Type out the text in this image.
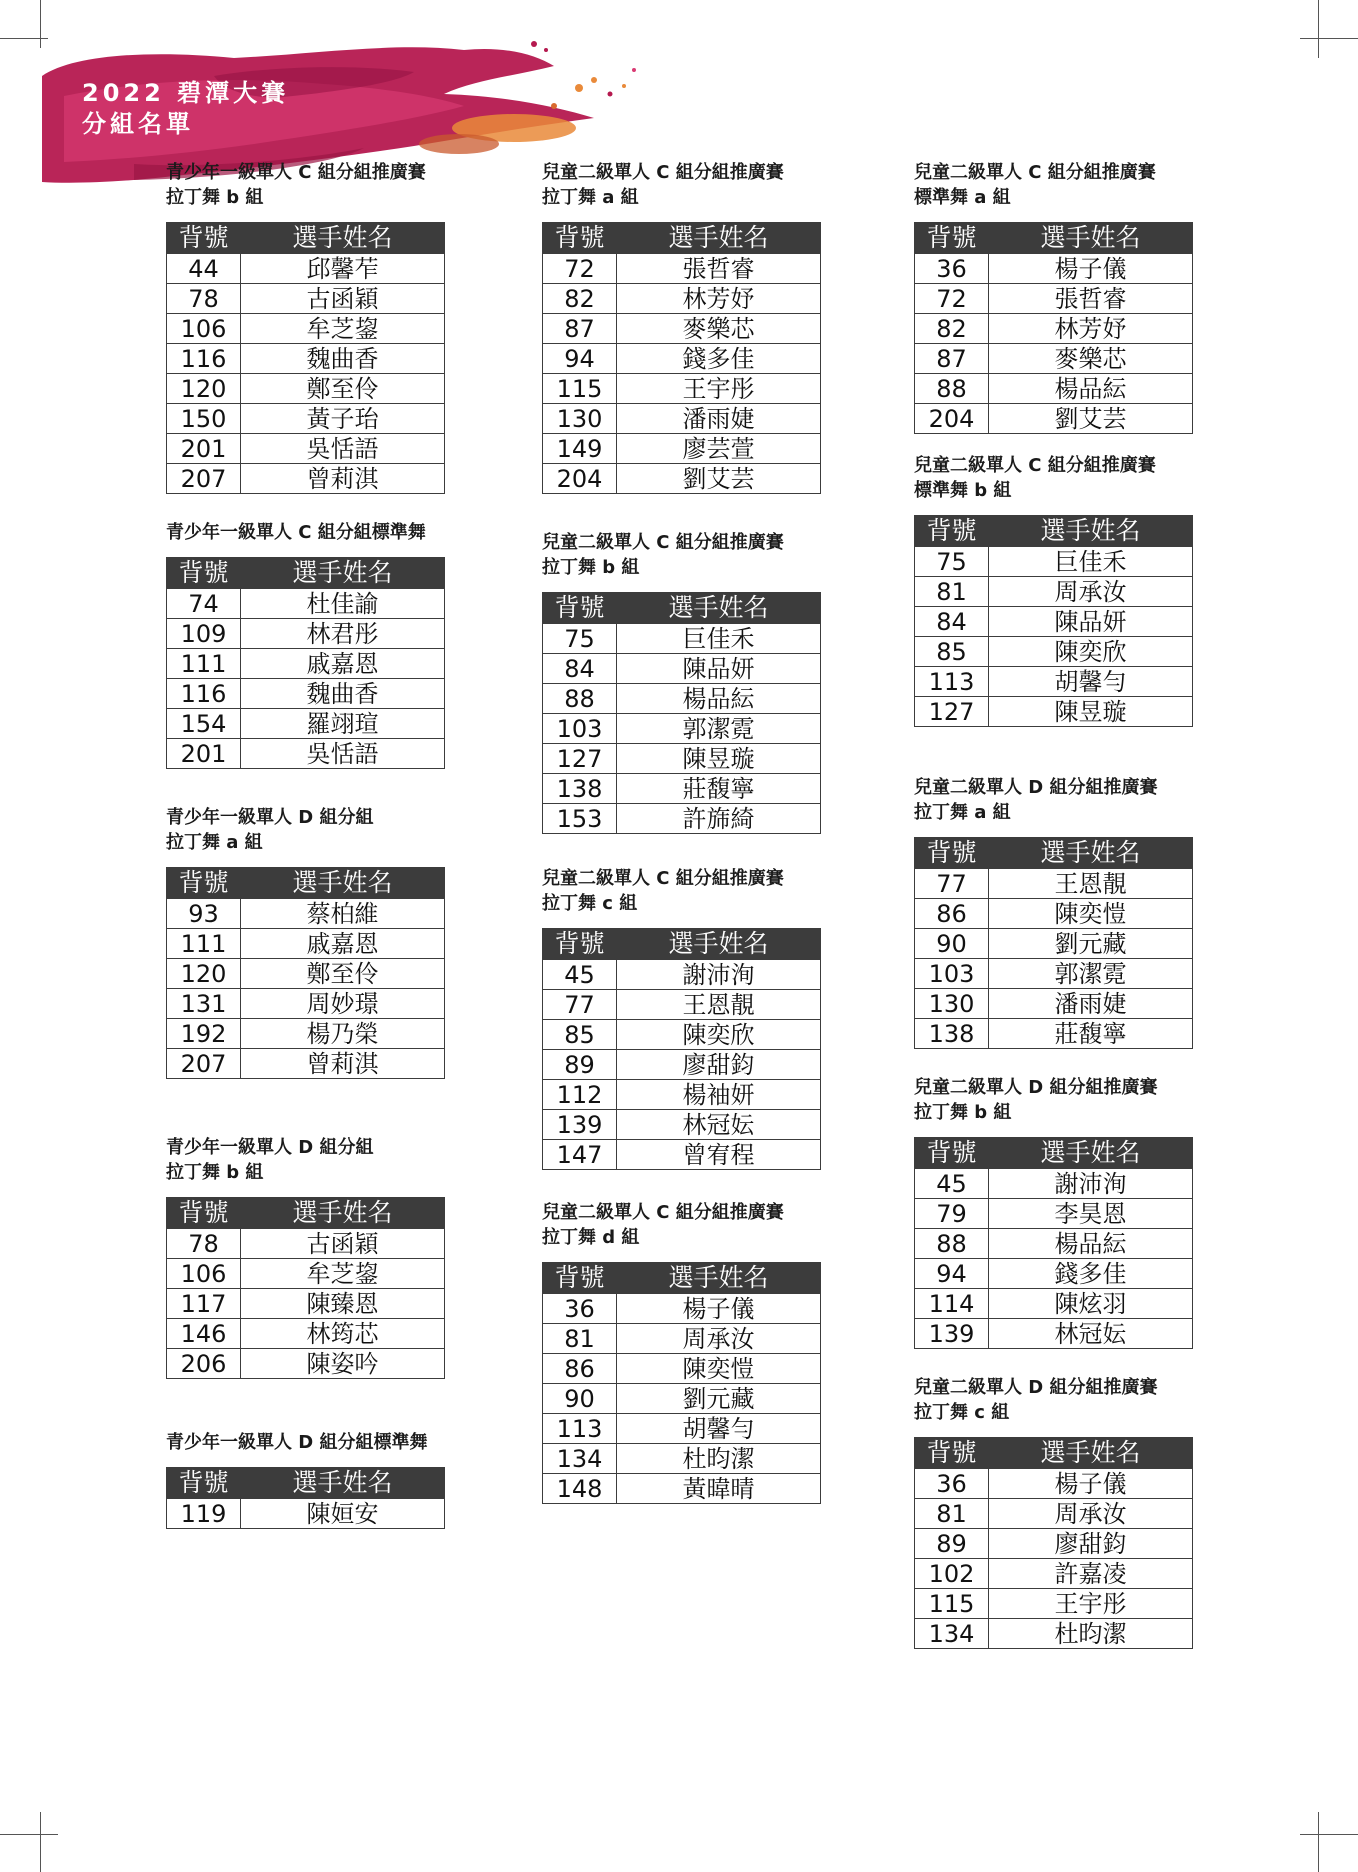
2022 碧潭大賽
分組名單
青少年一級單人 C 組分組推廣賽
拉丁舞 b 組
背號	選手姓名
44	邱馨苲
78	古函穎
106	牟芝鋆
116	魏曲香
120	鄭至伶
150	黃子珆
201	吳恬語
207	曾莉淇
青少年一級單人 C 組分組標準舞
背號	選手姓名
74	杜佳諭
109	林君彤
111	戚嘉恩
116	魏曲香
154	羅翊瑄
201	吳恬語
青少年一級單人 D 組分組
拉丁舞 a 組
背號	選手姓名
93	蔡柏維
111	戚嘉恩
120	鄭至伶
131	周妙璟
192	楊乃榮
207	曾莉淇
青少年一級單人 D 組分組
拉丁舞 b 組
背號	選手姓名
78	古函穎
106	牟芝鋆
117	陳臻恩
146	林筠芯
206	陳姿吟
青少年一級單人 D 組分組標準舞
背號	選手姓名
119	陳姮安
兒童二級單人 C 組分組推廣賽
拉丁舞 a 組
背號	選手姓名
72	張哲睿
82	林芳妤
87	麥樂芯
94	錢多佳
115	王宇彤
130	潘雨婕
149	廖芸萱
204	劉艾芸
兒童二級單人 C 組分組推廣賽
拉丁舞 b 組
背號	選手姓名
75	巨佳禾
84	陳品妍
88	楊品紜
103	郭潔霓
127	陳昱璇
138	莊馥寧
153	許旆綺
兒童二級單人 C 組分組推廣賽
拉丁舞 c 組
背號	選手姓名
45	謝沛洵
77	王恩靚
85	陳奕欣
89	廖甜鈞
112	楊袖妍
139	林冠妘
147	曾宥程
兒童二級單人 C 組分組推廣賽
拉丁舞 d 組
背號	選手姓名
36	楊子儀
81	周承汝
86	陳奕愷
90	劉元藏
113	胡馨勻
134	杜昀潔
148	黃暐晴
兒童二級單人 C 組分組推廣賽
標準舞 a 組
背號	選手姓名
36	楊子儀
72	張哲睿
82	林芳妤
87	麥樂芯
88	楊品紜
204	劉艾芸
兒童二級單人 C 組分組推廣賽
標準舞 b 組
背號	選手姓名
75	巨佳禾
81	周承汝
84	陳品妍
85	陳奕欣
113	胡馨勻
127	陳昱璇
兒童二級單人 D 組分組推廣賽
拉丁舞 a 組
背號	選手姓名
77	王恩靚
86	陳奕愷
90	劉元藏
103	郭潔霓
130	潘雨婕
138	莊馥寧
兒童二級單人 D 組分組推廣賽
拉丁舞 b 組
背號	選手姓名
45	謝沛洵
79	李昊恩
88	楊品紜
94	錢多佳
114	陳炫羽
139	林冠妘
兒童二級單人 D 組分組推廣賽
拉丁舞 c 組
背號	選手姓名
36	楊子儀
81	周承汝
89	廖甜鈞
102	許嘉凌
115	王宇彤
134	杜昀潔
